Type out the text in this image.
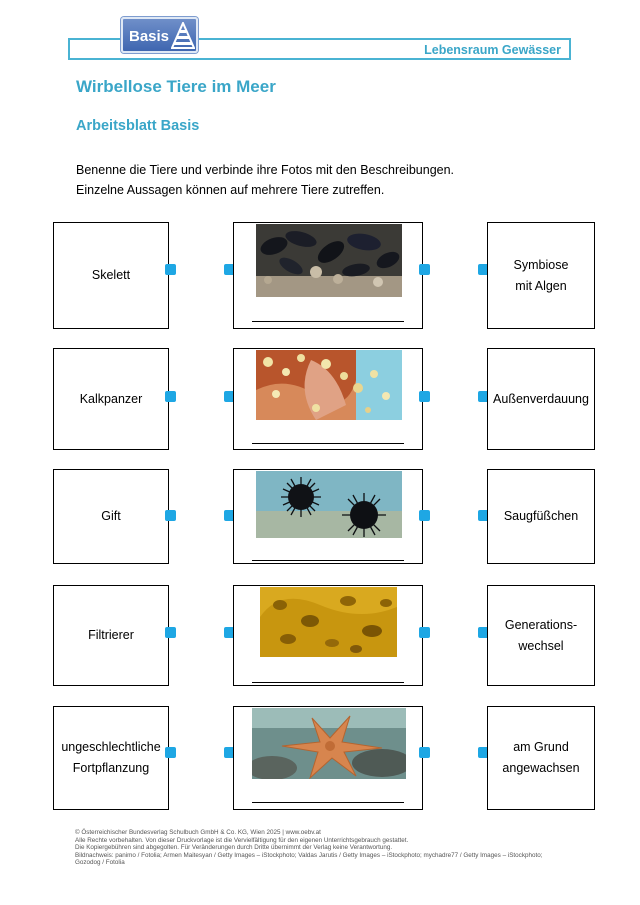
Lebensraum Gewässer
Basis
Wirbellose Tiere im Meer
Arbeitsblatt Basis
Benenne die Tiere und verbinde ihre Fotos mit den Beschreibungen.
Einzelne Aussagen können auf mehrere Tiere zutreffen.
Skelett
Symbiose
mit Algen
Kalkpanzer	Außenverdauung
Gift	Saugfüßchen
Filtrierer
Generations-
wechsel
ungeschlechtliche
Fortpflanzung
am Grund
angewachsen
© Österreichischer Bundesverlag Schulbuch GmbH & Co. KG, Wien 2025 | www.oebv.at
Alle Rechte vorbehalten. Von dieser Druckvorlage ist die Vervielfältigung für den eigenen Unterrichtsgebrauch gestattet.
Die Kopiergebühren sind abgegolten. Für Veränderungen durch Dritte übernimmt der Verlag keine Verantwortung.
Bildnachweis: panimo / Fotolia; Armen Maitesyan / Getty Images – iStockphoto; Valdas Jarutis / Getty Images – iStockphoto; mychadre77 / Getty Images – iStockphoto;
Gozodog / Fotolia
